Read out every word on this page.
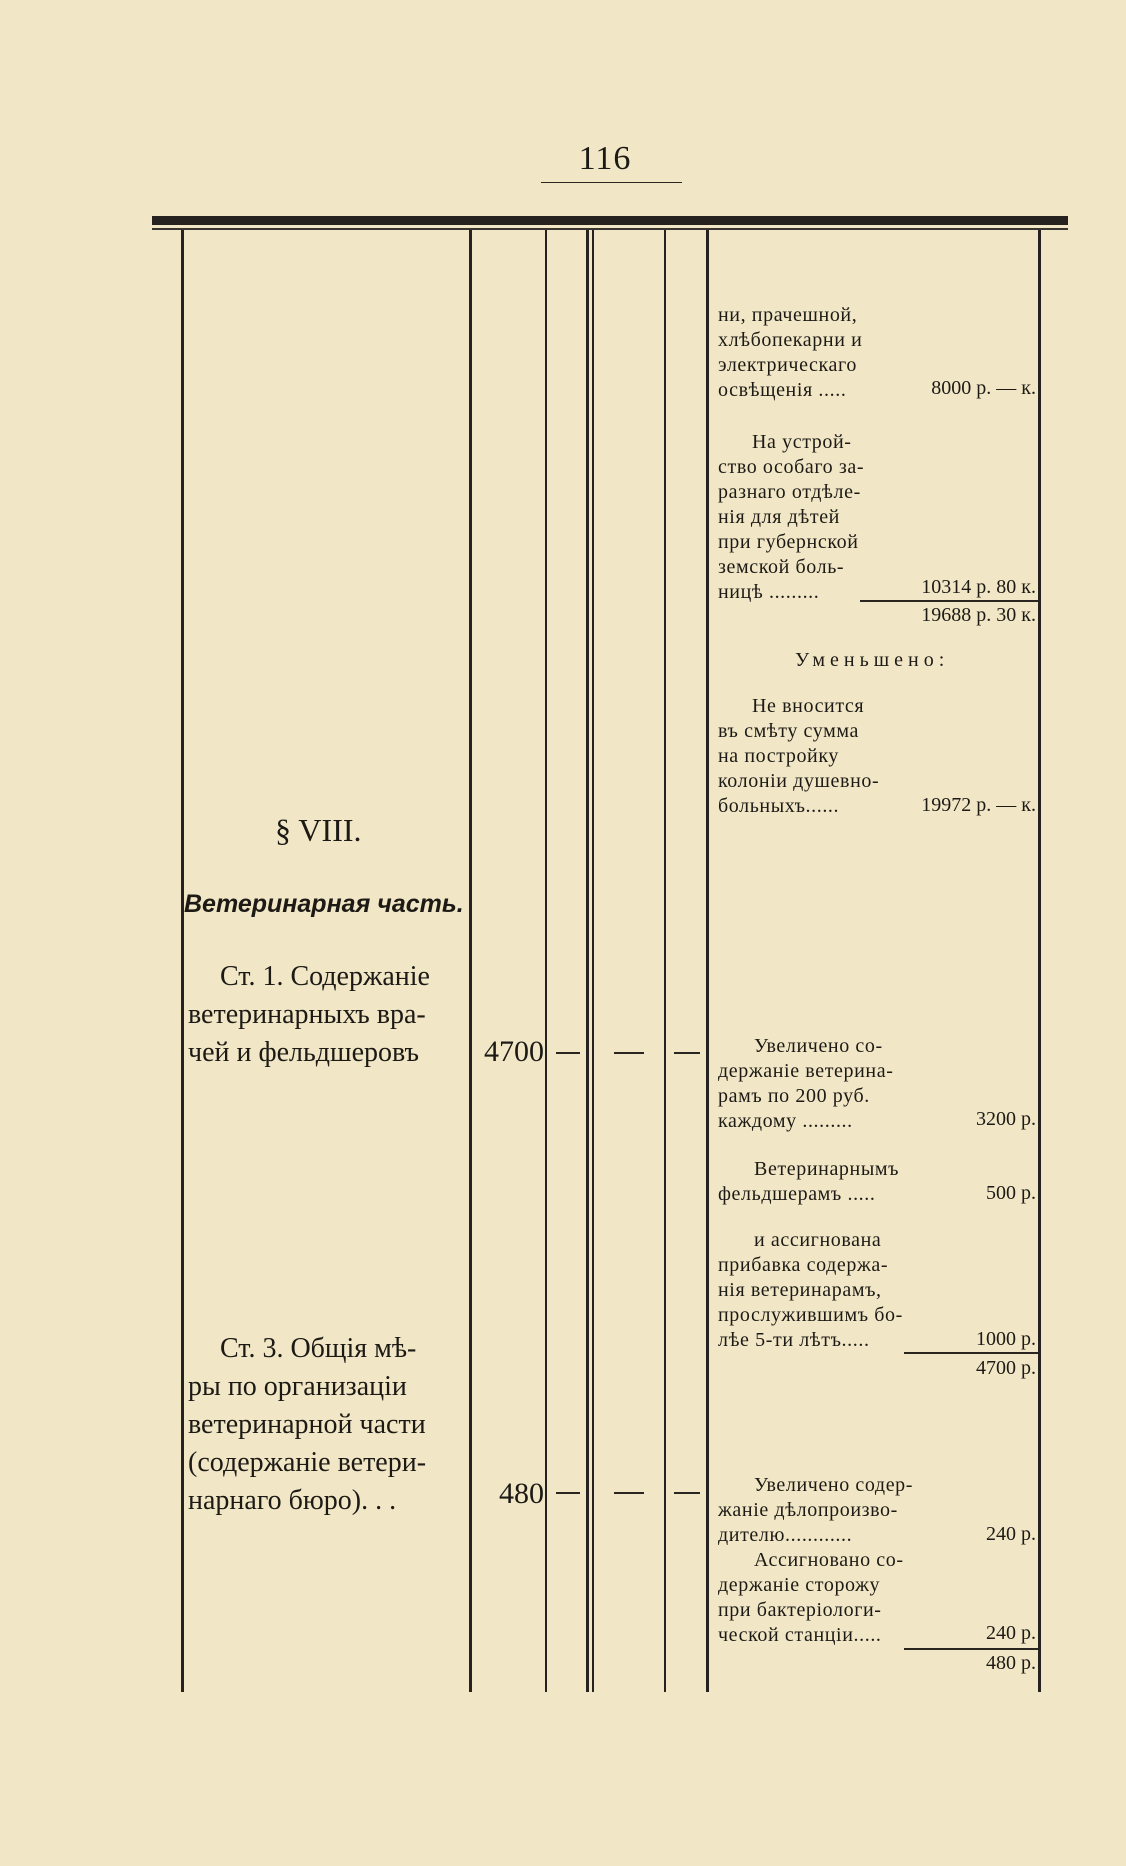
116
ни, прачешной,
хлѣбопекарни и
электрическаго
освѣщенія .....	8000 р. — к.
На устрой-
ство особаго за-
разнаго отдѣле-
нія для дѣтей
при губернской
земской боль-
ницѣ .........	10314 р. 80 к.
19688 р. 30 к.
Уменьшено:
Не вносится
въ смѣту сумма
на постройку
колоніи душевно-
больныхъ......	19972 р. — к.
§ VIII.
Ветеринарная часть.
Ст. 1. Содержаніе
ветеринарныхъ вра-
чей и фельдшеровъ	4700	Увеличено со-
держаніе ветерина-
рамъ по 200 руб.
каждому .........	3200 р.
Ветеринарнымъ
фельдшерамъ .....	500 р.
и ассигнована
прибавка содержа-
нія ветеринарамъ,
прослужившимъ бо-
лѣе 5-ти лѣтъ.....	1000 р.
4700 р.
Ст. 3. Общія мѣ-
ры по организаціи
ветеринарной части
(содержаніе ветери-
нарнаго бюро). . .	480	Увеличено содер-
жаніе дѣлопроизво-
дителю............	240 р.
Ассигновано со-
держаніе сторожу
при бактеріологи-
ческой станціи.....	240 р.
480 р.
